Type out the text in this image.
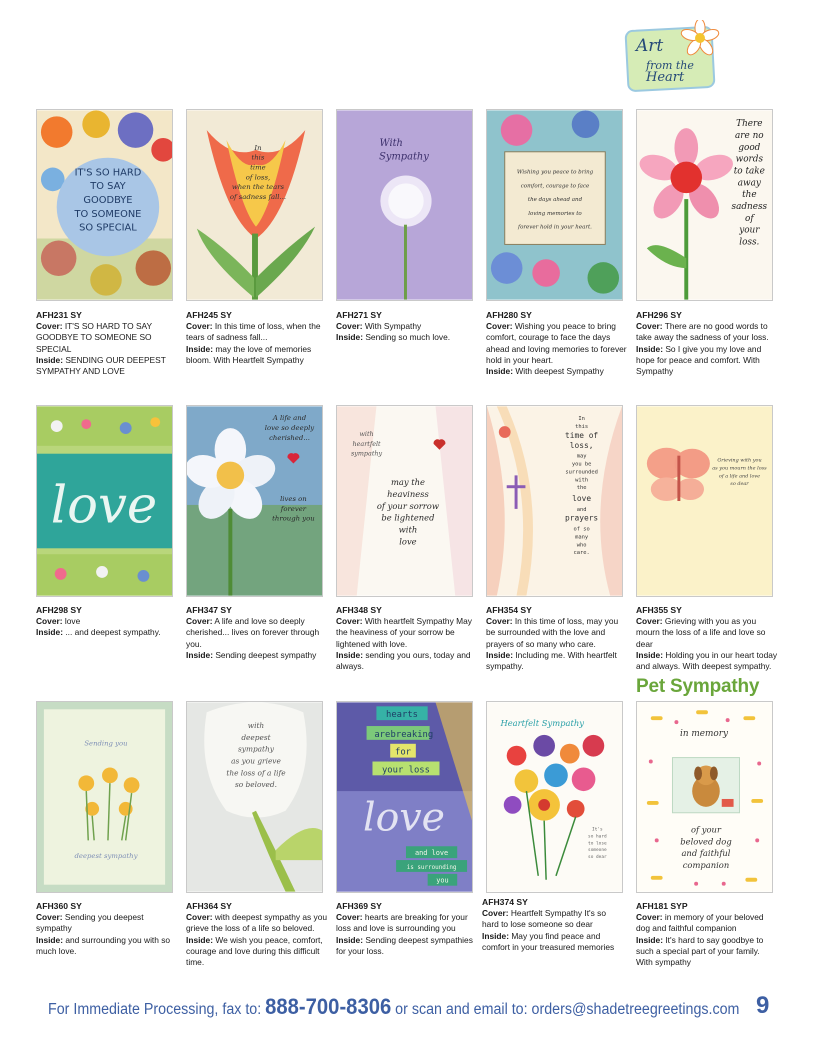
Art
from the
Heart
IT'S SO HARD
TO SAY
GOODBYE
TO SOMEONE
SO SPECIAL
AFH231 SY
Cover: IT'S SO HARD TO SAY GOODBYE TO SOMEONE SO SPECIAL
Inside: SENDING OUR DEEPEST SYMPATHY AND LOVE
In
this
time
of loss,
when the tears
of sadness fall...
AFH245 SY
Cover: In this time of loss, when the tears of sadness fall...
Inside: may the love of memories bloom. With Heartfelt Sympathy
With
Sympathy
AFH271 SY
Cover: With Sympathy
Inside: Sending so much love.
Wishing you peace to bring
comfort, courage to face
the days ahead and
loving memories to
forever hold in your heart.
AFH280 SY
Cover: Wishing you peace to bring comfort, courage to face the days ahead and loving memories to forever hold in your heart.
Inside: With deepest Sympathy
There
are no
good
words
to take
away
the
sadness
of
your
loss.
AFH296 SY
Cover: There are no good words to take away the sadness of your loss.
Inside: So I give you my love and hope for peace and comfort. With Sympathy
love
AFH298 SY
Cover: love
Inside: ... and deepest sympathy.
A life and
love so deeply
cherished...
lives on
forever
through you
AFH347 SY
Cover: A life and love so deeply cherished... lives on forever through you.
Inside: Sending deepest sympathy
with
heartfelt
sympathy
may the
heaviness
of your sorrow
be lightened
with
love
AFH348 SY
Cover: With heartfelt Sympathy May the heaviness of your sorrow be lightened with love.
Inside: sending you ours, today and always.
In
this
time of
loss,
may
you be
surrounded
with
the
love
and
prayers
of so
many
who
care.
AFH354 SY
Cover: In this time of loss, may you be surrounded with the love and prayers of so many who care.
Inside: Including me. With heartfelt sympathy.
Grieving with you
as you mourn the loss
of a life and love
so dear
AFH355 SY
Cover: Grieving with you as you mourn the loss of a life and love so dear
Inside: Holding you in our heart today and always. With deepest sympathy.
Pet Sympathy
Sending you
deepest sympathy
AFH360 SY
Cover: Sending you deepest sympathy
Inside: and surrounding you with so much love.
with
deepest
sympathy
as you grieve
the loss of a life
so beloved.
AFH364 SY
Cover: with deepest sympathy as you grieve the loss of a life so beloved.
Inside: We wish you peace, comfort, courage and love during this difficult time.
hearts
are breaking
for
your loss
love
and love
is surrounding
you
AFH369 SY
Cover: hearts are breaking for your loss and love is surrounding you
Inside: Sending deepest sympathies for your loss.
Heartfelt Sympathy
It's
so hard
to lose
someone
so dear
AFH374 SY
Cover: Heartfelt Sympathy It's so hard to lose someone so dear
Inside: May you find peace and comfort in your treasured memories
in memory
of your
beloved dog
and faithful
companion
AFH181 SYP
Cover: in memory of your beloved dog and faithful companion
Inside: It's hard to say goodbye to such a special part of your family. With sympathy
For Immediate Processing, fax to: 888-700-8306 or scan and email to: orders@shadetreegreetings.com 9
